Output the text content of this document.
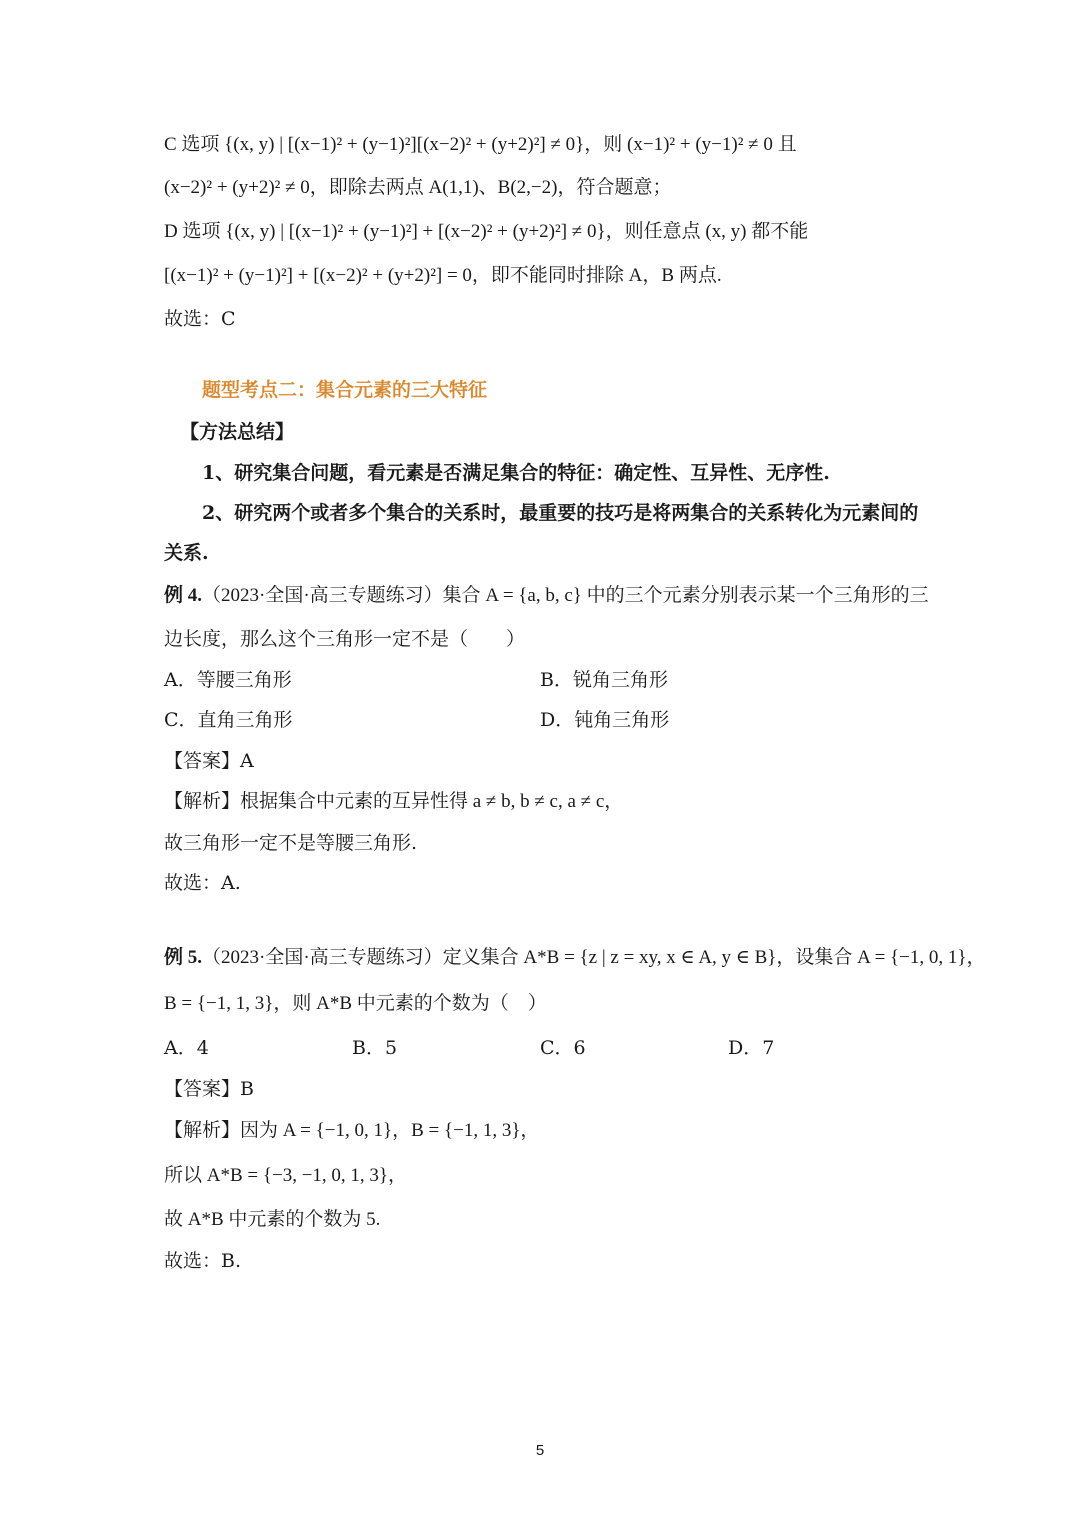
C 选项 {(x, y) | [(x−1)² + (y−1)²][(x−2)² + (y+2)²] ≠ 0}，则 (x−1)² + (y−1)² ≠ 0 且
(x−2)² + (y+2)² ≠ 0，即除去两点 A(1,1)、B(2,−2)，符合题意；
D 选项 {(x, y) | [(x−1)² + (y−1)²] + [(x−2)² + (y+2)²] ≠ 0}，则任意点 (x, y) 都不能
[(x−1)² + (y−1)²] + [(x−2)² + (y+2)²] = 0，即不能同时排除 A，B 两点.
故选：C
题型考点二：集合元素的三大特征
【方法总结】
1、研究集合问题，看元素是否满足集合的特征：确定性、互异性、无序性.
2、研究两个或者多个集合的关系时，最重要的技巧是将两集合的关系转化为元素间的
关系.
例 4.（2023·全国·高三专题练习）集合 A = {a, b, c} 中的三个元素分别表示某一个三角形的三
边长度，那么这个三角形一定不是（　　）
A．等腰三角形	B．锐角三角形
C．直角三角形	D．钝角三角形
【答案】A
【解析】根据集合中元素的互异性得 a ≠ b, b ≠ c, a ≠ c，
故三角形一定不是等腰三角形.
故选：A.
例 5.（2023·全国·高三专题练习）定义集合 A*B = {z | z = xy, x ∈ A, y ∈ B}，设集合 A = {−1, 0, 1}，
B = {−1, 1, 3}，则 A*B 中元素的个数为（　）
A．4	B．5	C．6	D．7
【答案】B
【解析】因为 A = {−1, 0, 1}，B = {−1, 1, 3}，
所以 A*B = {−3, −1, 0, 1, 3}，
故 A*B 中元素的个数为 5.
故选：B.
5
